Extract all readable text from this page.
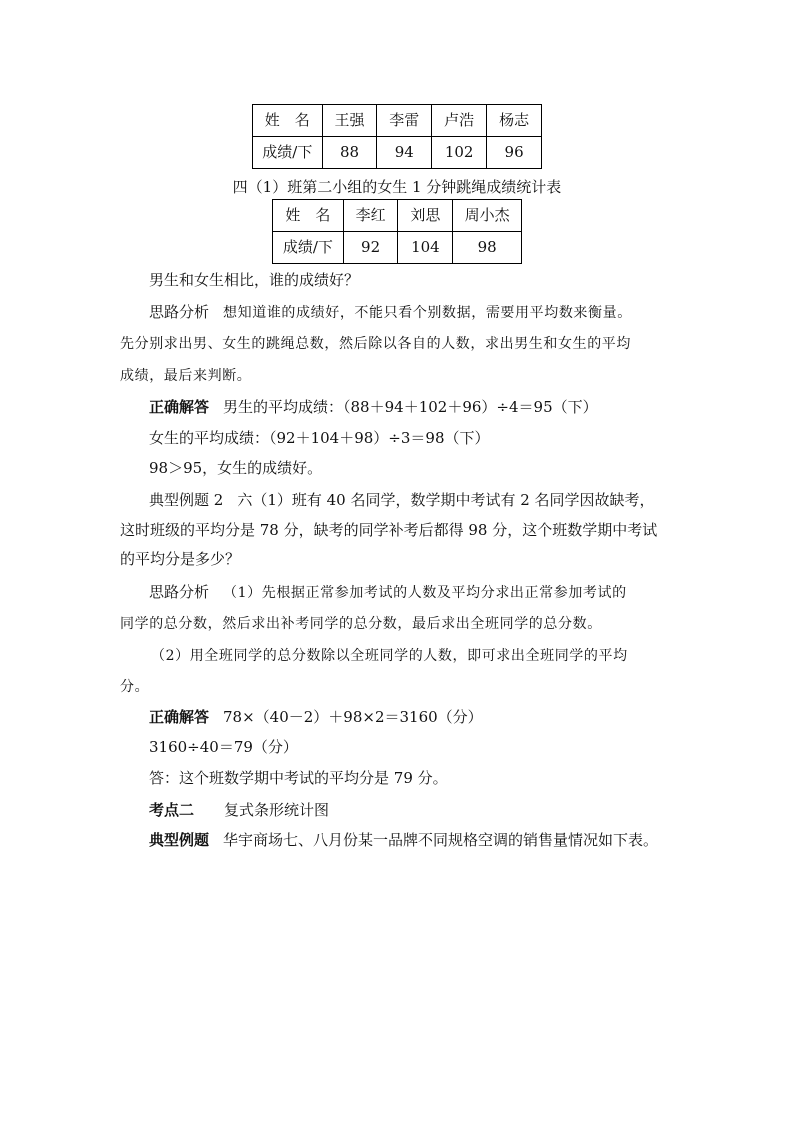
姓　名	王强	李雷	卢浩	杨志
成绩/下	88	94	102	96
四（1）班第二小组的女生 1 分钟跳绳成绩统计表
姓　名	李红	刘思	周小杰
成绩/下	92	104	98
男生和女生相比，谁的成绩好？
思路分析 想知道谁的成绩好，不能只看个别数据，需要用平均数来衡量。
先分别求出男、女生的跳绳总数，然后除以各自的人数，求出男生和女生的平均
成绩，最后来判断。
正确解答 男生的平均成绩：（88＋94＋102＋96）÷4＝95（下）
女生的平均成绩：（92＋104＋98）÷3＝98（下）
98＞95，女生的成绩好。
典型例题 2 六（1）班有 40 名同学，数学期中考试有 2 名同学因故缺考，
这时班级的平均分是 78 分，缺考的同学补考后都得 98 分，这个班数学期中考试
的平均分是多少？
思路分析 （1）先根据正常参加考试的人数及平均分求出正常参加考试的
同学的总分数，然后求出补考同学的总分数，最后求出全班同学的总分数。
（2）用全班同学的总分数除以全班同学的人数，即可求出全班同学的平均
分。
正确解答 78×（40－2）＋98×2＝3160（分）
3160÷40＝79（分）
答：这个班数学期中考试的平均分是 79 分。
考点二 复式条形统计图
典型例题 华宇商场七、八月份某一品牌不同规格空调的销售量情况如下表。
